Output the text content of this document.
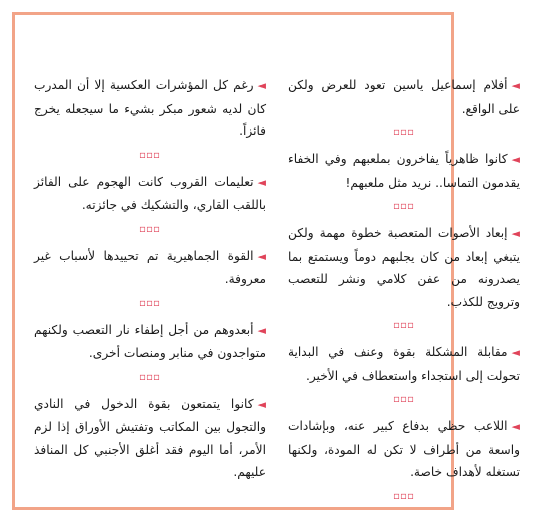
◄أفلام إسماعيل ياسين تعود للعرض ولكن على الواقع.

◻◻◻

◄كانوا ظاهرياً يفاخرون بملعبهم وفي الخفاء يقدمون التماسا.. نريد مثل ملعبهم!

◻◻◻

◄إبعاد الأصوات المتعصبة خطوة مهمة ولكن يتبغي إبعاد من كان يجلبهم دوماً ويستمتع بما يصدرونه من عفن كلامي ونشر للتعصب وترويج للكذب.

◻◻◻

◄مقابلة المشكلة بقوة وعنف في البداية تحولت إلى استجداء واستعطاف في الأخير.

◻◻◻

◄اللاعب حظي بدفاع كبير عنه، وبإشادات واسعة من أطراف لا تكن له المودة، ولكنها تستغله لأهداف خاصة.

◻◻◻

◄رغم كل المؤشرات العكسية إلا أن المدرب كان لديه شعور مبكر بشيء ما سيجعله يخرج فائزاً.

◻◻◻

◄تعليمات القروب كانت الهجوم على الفائز باللقب القاري، والتشكيك في جائزته.

◻◻◻

◄القوة الجماهيرية تم تحييدها لأسباب غير معروفة.

◻◻◻

◄أبعدوهم من أجل إطفاء نار التعصب ولكنهم متواجدون في منابر ومنصات أخرى.

◻◻◻

◄كانوا يتمتعون بقوة الدخول في النادي والتجول بين المكاتب وتفتيش الأوراق إذا لزم الأمر، أما اليوم فقد أغلق الأجنبي كل المنافذ عليهم.
